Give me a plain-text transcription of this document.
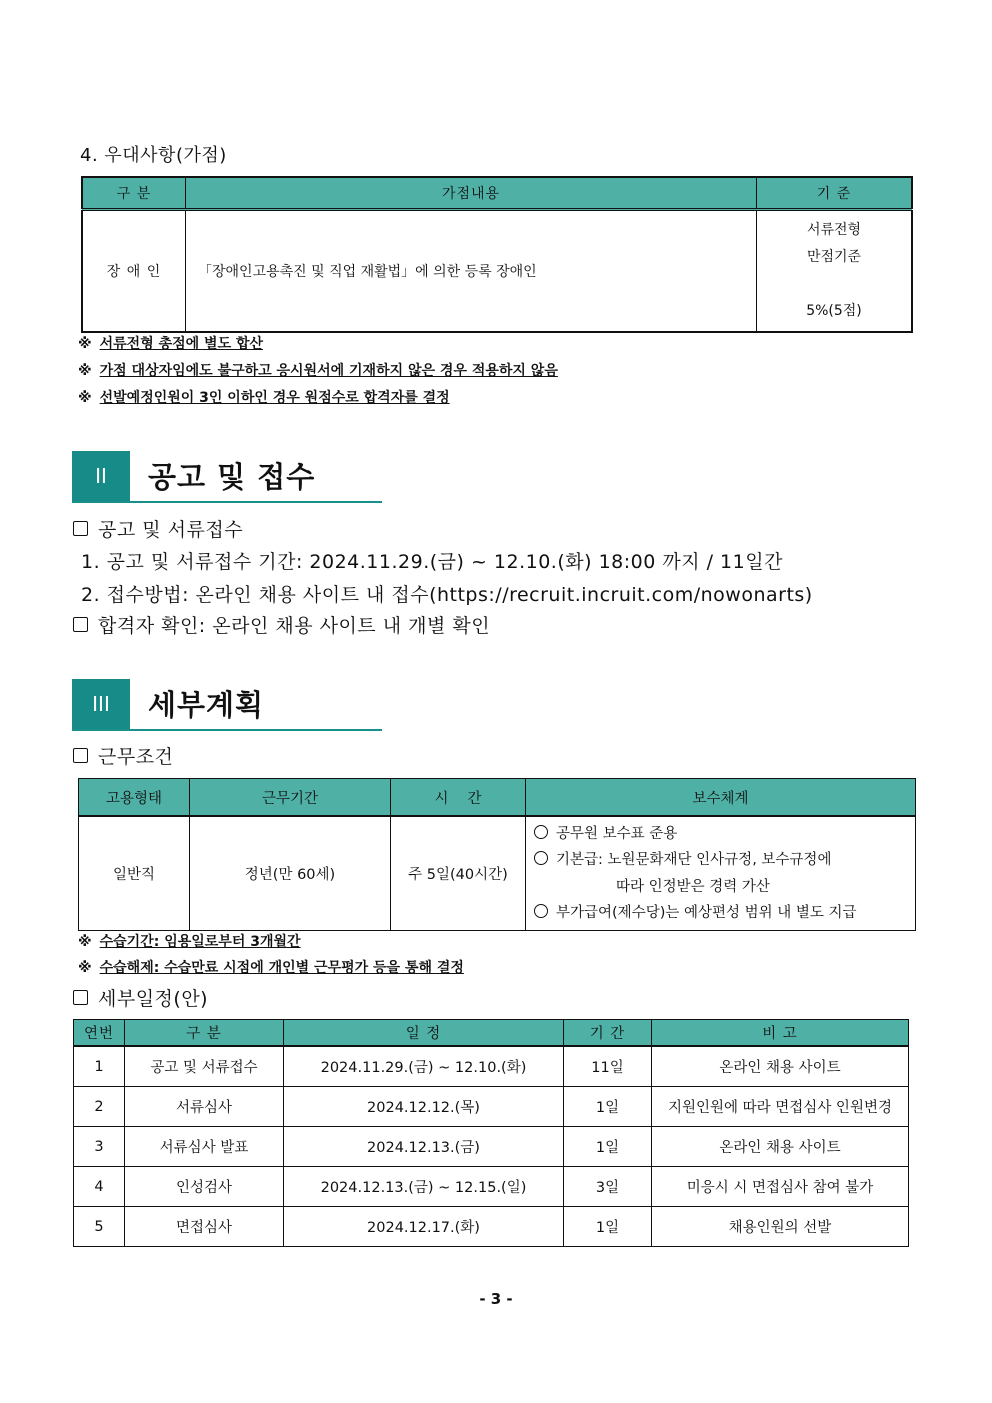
4. 우대사항(가점)
구 분	가점내용	기 준
장 애 인	「장애인고용촉진 및 직업 재활법」에 의한 등록 장애인	서류전형
만점기준

5%(5점)
※ 서류전형 총점에 별도 합산
※ 가점 대상자임에도 불구하고 응시원서에 기재하지 않은 경우 적용하지 않음
※ 선발예정인원이 3인 이하인 경우 원점수로 합격자를 결정
II	공고 및 접수
공고 및 서류접수
1. 공고 및 서류접수 기간: 2024.11.29.(금) ~ 12.10.(화) 18:00 까지 / 11일간
2. 접수방법: 온라인 채용 사이트 내 접수(https://recruit.incruit.com/nowonarts)
합격자 확인: 온라인 채용 사이트 내 개별 확인
III	세부계획
근무조건
고용형태	근무기간	시　 간	보수체계
일반직	정년(만 60세)	주 5일(40시간)	공무원 보수표 준용
기본급: 노원문화재단 인사규정, 보수규정에
따라 인정받은 경력 가산
부가급여(제수당)는 예상편성 범위 내 별도 지급
※ 수습기간: 임용일로부터 3개월간
※ 수습해제: 수습만료 시점에 개인별 근무평가 등을 통해 결정
세부일정(안)
연번	구 분	일 정	기 간	비 고
1	공고 및 서류접수	2024.11.29.(금) ~ 12.10.(화)	11일	온라인 채용 사이트
2	서류심사	2024.12.12.(목)	1일	지원인원에 따라 면접심사 인원변경
3	서류심사 발표	2024.12.13.(금)	1일	온라인 채용 사이트
4	인성검사	2024.12.13.(금) ~ 12.15.(일)	3일	미응시 시 면접심사 참여 불가
5	면접심사	2024.12.17.(화)	1일	채용인원의 선발
- 3 -
